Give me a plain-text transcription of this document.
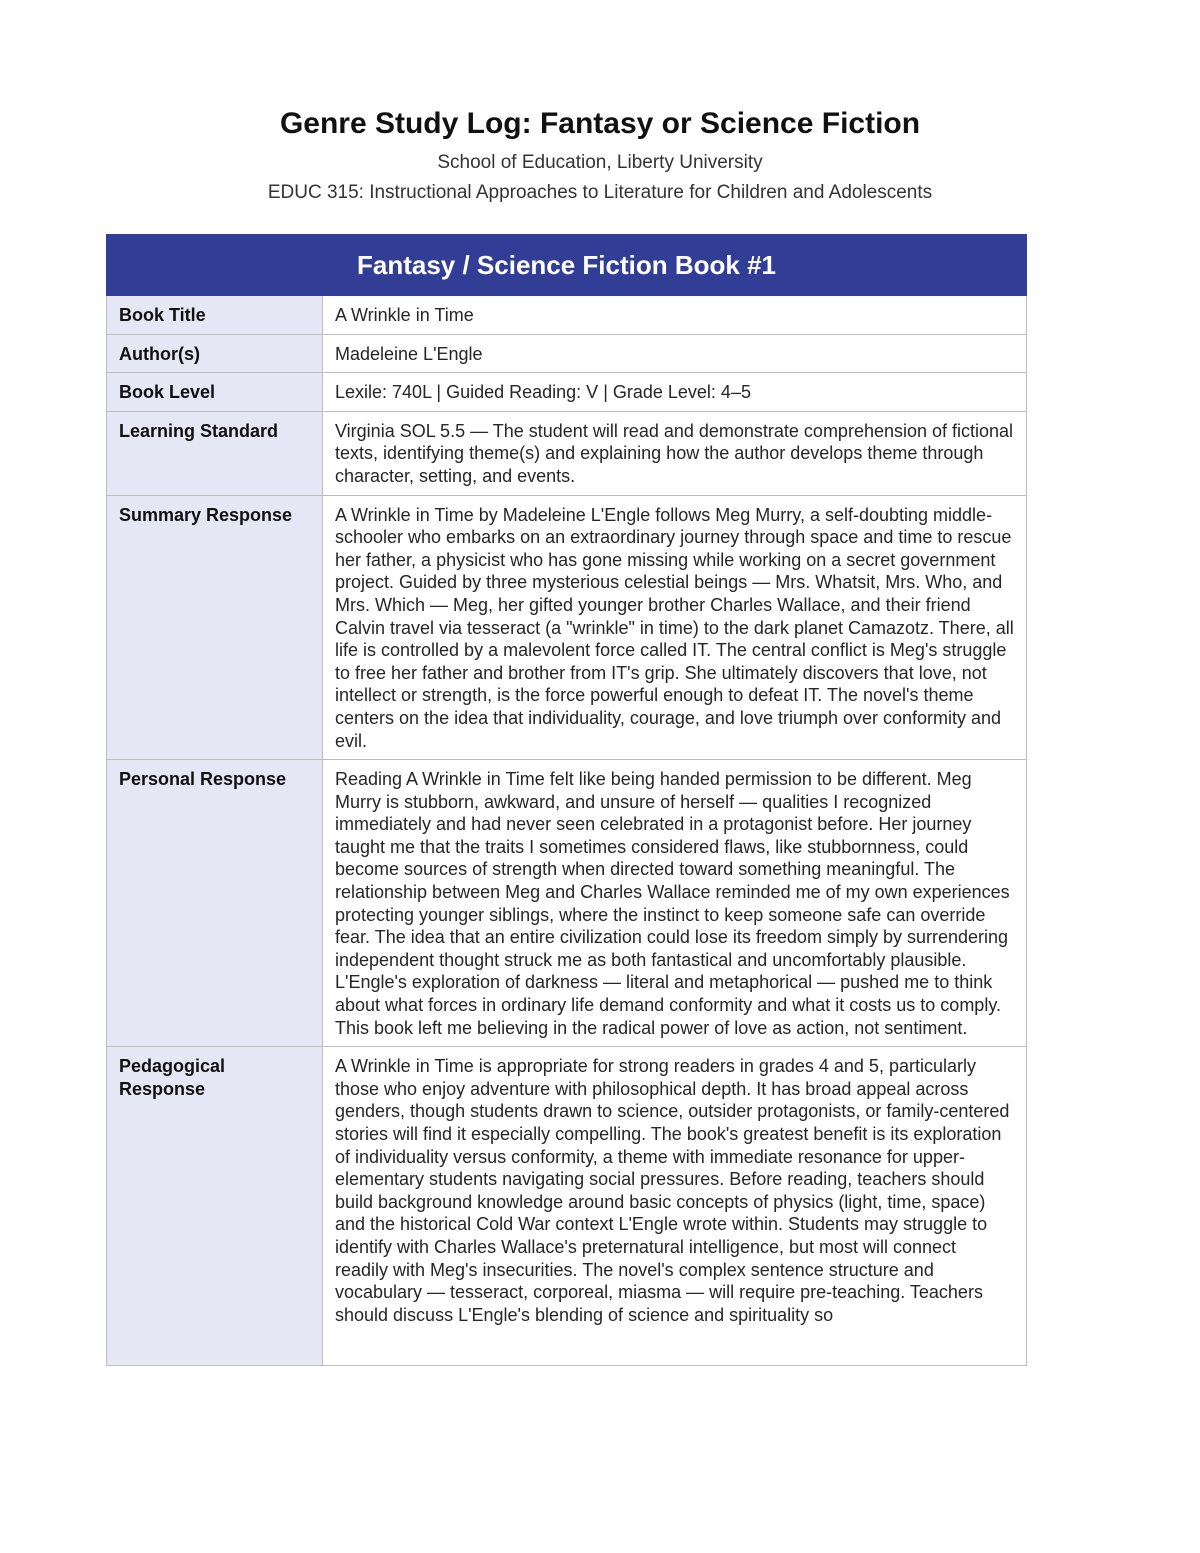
Genre Study Log: Fantasy or Science Fiction
School of Education, Liberty University
EDUC 315: Instructional Approaches to Literature for Children and Adolescents
Fantasy / Science Fiction Book #1	
Book Title	A Wrinkle in Time
Author(s)	Madeleine L'Engle
Book Level	Lexile: 740L | Guided Reading: V | Grade Level: 4–5
Learning Standard	Virginia SOL 5.5 — The student will read and demonstrate comprehension of fictional texts, identifying theme(s) and explaining how the author develops theme through character, setting, and events.
Summary Response	A Wrinkle in Time by Madeleine L'Engle follows Meg Murry, a self-doubting middle-schooler who embarks on an extraordinary journey through space and time to rescue her father, a physicist who has gone missing while working on a secret government project. Guided by three mysterious celestial beings — Mrs. Whatsit, Mrs. Who, and Mrs. Which — Meg, her gifted younger brother Charles Wallace, and their friend Calvin travel via tesseract (a "wrinkle" in time) to the dark planet Camazotz. There, all life is controlled by a malevolent force called IT. The central conflict is Meg's struggle to free her father and brother from IT's grip. She ultimately discovers that love, not intellect or strength, is the force powerful enough to defeat IT. The novel's theme centers on the idea that individuality, courage, and love triumph over conformity and evil.
Personal Response	Reading A Wrinkle in Time felt like being handed permission to be different. Meg Murry is stubborn, awkward, and unsure of herself — qualities I recognized immediately and had never seen celebrated in a protagonist before. Her journey taught me that the traits I sometimes considered flaws, like stubbornness, could become sources of strength when directed toward something meaningful. The relationship between Meg and Charles Wallace reminded me of my own experiences protecting younger siblings, where the instinct to keep someone safe can override fear. The idea that an entire civilization could lose its freedom simply by surrendering independent thought struck me as both fantastical and uncomfortably plausible. L'Engle's exploration of darkness — literal and metaphorical — pushed me to think about what forces in ordinary life demand conformity and what it costs us to comply. This book left me believing in the radical power of love as action, not sentiment.
Pedagogical Response	A Wrinkle in Time is appropriate for strong readers in grades 4 and 5, particularly those who enjoy adventure with philosophical depth. It has broad appeal across genders, though students drawn to science, outsider protagonists, or family-centered stories will find it especially compelling. The book's greatest benefit is its exploration of individuality versus conformity, a theme with immediate resonance for upper-elementary students navigating social pressures. Before reading, teachers should build background knowledge around basic concepts of physics (light, time, space) and the historical Cold War context L'Engle wrote within. Students may struggle to identify with Charles Wallace's preternatural intelligence, but most will connect readily with Meg's insecurities. The novel's complex sentence structure and vocabulary — tesseract, corporeal, miasma — will require pre-teaching. Teachers should discuss L'Engle's blending of science and spirituality so
